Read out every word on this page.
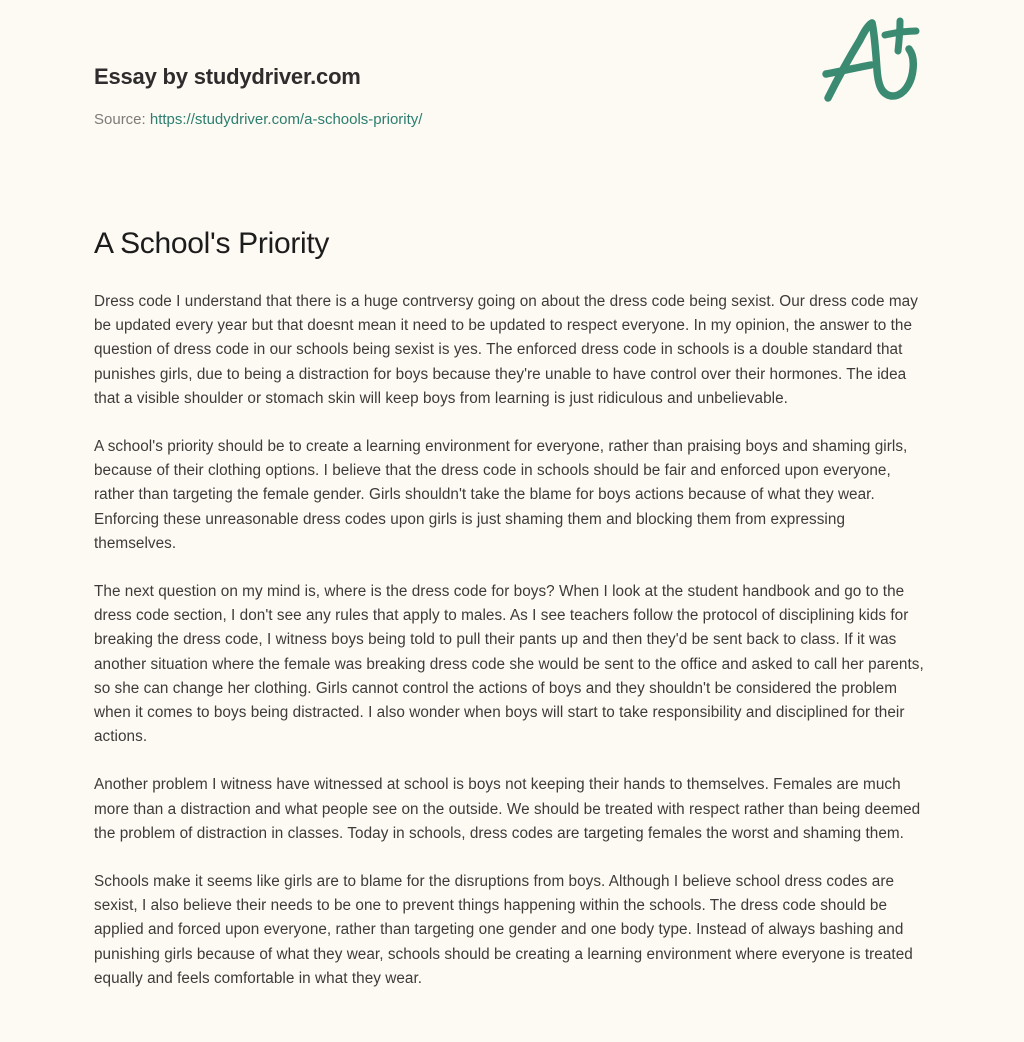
Essay by studydriver.com
Source: https://studydriver.com/a-schools-priority/
A School's Priority

Dress code I understand that there is a huge contrversy going on about the dress code being sexist. Our dress code may be updated every year but that doesnt mean it need to be updated to respect everyone. In my opinion, the answer to the question of dress code in our schools being sexist is yes. The enforced dress code in schools is a double standard that punishes girls, due to being a distraction for boys because they're unable to have control over their hormones. The idea that a visible shoulder or stomach skin will keep boys from learning is just ridiculous and unbelievable.

A school's priority should be to create a learning environment for everyone, rather than praising boys and shaming girls, because of their clothing options. I believe that the dress code in schools should be fair and enforced upon everyone, rather than targeting the female gender. Girls shouldn't take the blame for boys actions because of what they wear. Enforcing these unreasonable dress codes upon girls is just shaming them and blocking them from expressing themselves.

The next question on my mind is, where is the dress code for boys? When I look at the student handbook and go to the dress code section, I don't see any rules that apply to males. As I see teachers follow the protocol of disciplining kids for breaking the dress code, I witness boys being told to pull their pants up and then they'd be sent back to class. If it was another situation where the female was breaking dress code she would be sent to the office and asked to call her parents, so she can change her clothing. Girls cannot control the actions of boys and they shouldn't be considered the problem when it comes to boys being distracted. I also wonder when boys will start to take responsibility and disciplined for their actions.

Another problem I witness have witnessed at school is boys not keeping their hands to themselves. Females are much more than a distraction and what people see on the outside. We should be treated with respect rather than being deemed the problem of distraction in classes. Today in schools, dress codes are targeting females the worst and shaming them.

Schools make it seems like girls are to blame for the disruptions from boys. Although I believe school dress codes are sexist, I also believe their needs to be one to prevent things happening within the schools. The dress code should be applied and forced upon everyone, rather than targeting one gender and one body type. Instead of always bashing and punishing girls because of what they wear, schools should be creating a learning environment where everyone is treated equally and feels comfortable in what they wear.
